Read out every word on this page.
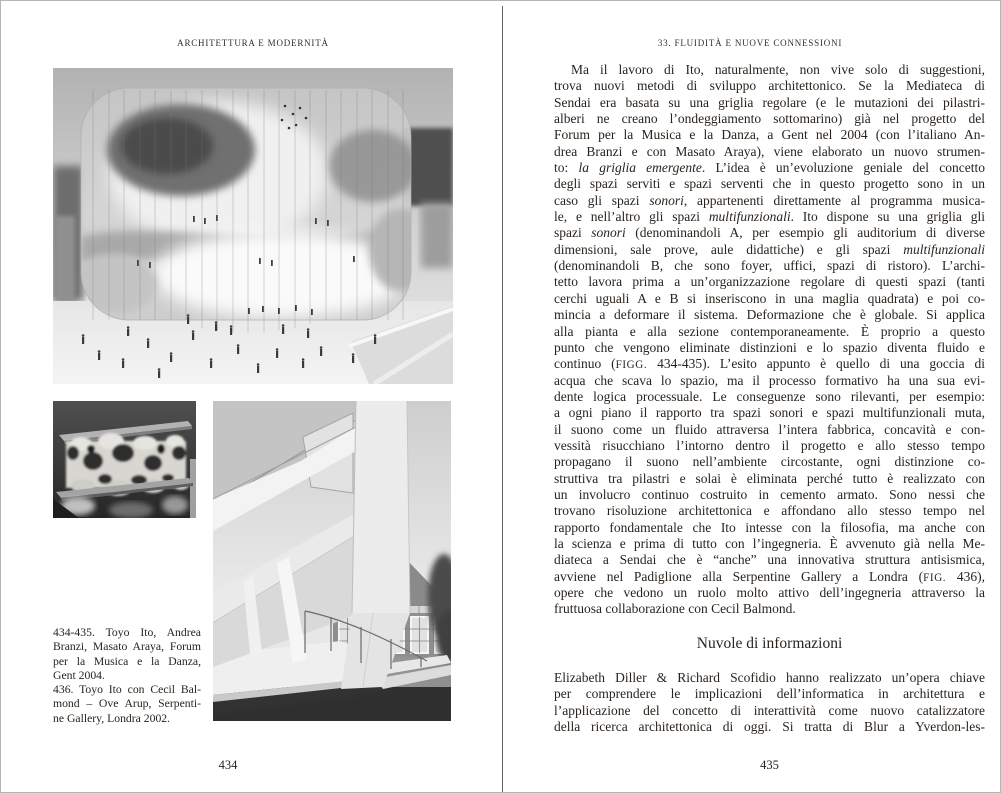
ARCHITETTURA E MODERNITÀ
434-435. Toyo Ito, Andrea
Branzi, Masato Araya, Forum
per la Musica e la Danza,
Gent 2004.
436. Toyo Ito con Cecil Bal-
mond – Ove Arup, Serpenti-
ne Gallery, Londra 2002.
434
33. FLUIDITÀ E NUOVE CONNESSIONI
Ma il lavoro di Ito, naturalmente, non vive solo di suggestioni,
trova nuovi metodi di sviluppo architettonico. Se la Mediateca di
Sendai era basata su una griglia regolare (e le mutazioni dei pilastri-
alberi ne creano l’ondeggiamento sottomarino) già nel progetto del
Forum per la Musica e la Danza, a Gent nel 2004 (con l’italiano An-
drea Branzi e con Masato Araya), viene elaborato un nuovo strumen-
to: la griglia emergente. L’idea è un’evoluzione geniale del concetto
degli spazi serviti e spazi serventi che in questo progetto sono in un
caso gli spazi sonori, appartenenti direttamente al programma musica-
le, e nell’altro gli spazi multifunzionali. Ito dispone su una griglia gli
spazi sonori (denominandoli A, per esempio gli auditorium di diverse
dimensioni, sale prove, aule didattiche) e gli spazi multifunzionali
(denominandoli B, che sono foyer, uffici, spazi di ristoro). L’archi-
tetto lavora prima a un’organizzazione regolare di questi spazi (tanti
cerchi uguali A e B si inseriscono in una maglia quadrata) e poi co-
mincia a deformare il sistema. Deformazione che è globale. Si applica
alla pianta e alla sezione contemporaneamente. È proprio a questo
punto che vengono eliminate distinzioni e lo spazio diventa fluido e
continuo (FIGG. 434-435). L’esito appunto è quello di una goccia di
acqua che scava lo spazio, ma il processo formativo ha una sua evi-
dente logica processuale. Le conseguenze sono rilevanti, per esempio:
a ogni piano il rapporto tra spazi sonori e spazi multifunzionali muta,
il suono come un fluido attraversa l’intera fabbrica, concavità e con-
vessità risucchiano l’intorno dentro il progetto e allo stesso tempo
propagano il suono nell’ambiente circostante, ogni distinzione co-
struttiva tra pilastri e solai è eliminata perché tutto è realizzato con
un involucro continuo costruito in cemento armato. Sono nessi che
trovano risoluzione architettonica e affondano allo stesso tempo nel
rapporto fondamentale che Ito intesse con la filosofia, ma anche con
la scienza e prima di tutto con l’ingegneria. È avvenuto già nella Me-
diateca a Sendai che è “anche” una innovativa struttura antisismica,
avviene nel Padiglione alla Serpentine Gallery a Londra (FIG. 436),
opere che vedono un ruolo molto attivo dell’ingegneria attraverso la
fruttuosa collaborazione con Cecil Balmond.
Nuvole di informazioni
Elizabeth Diller & Richard Scofidio hanno realizzato un’opera chiave
per comprendere le implicazioni dell’informatica in architettura e
l’applicazione del concetto di interattività come nuovo catalizzatore
della ricerca architettonica di oggi. Si tratta di Blur a Yverdon-les-
435
